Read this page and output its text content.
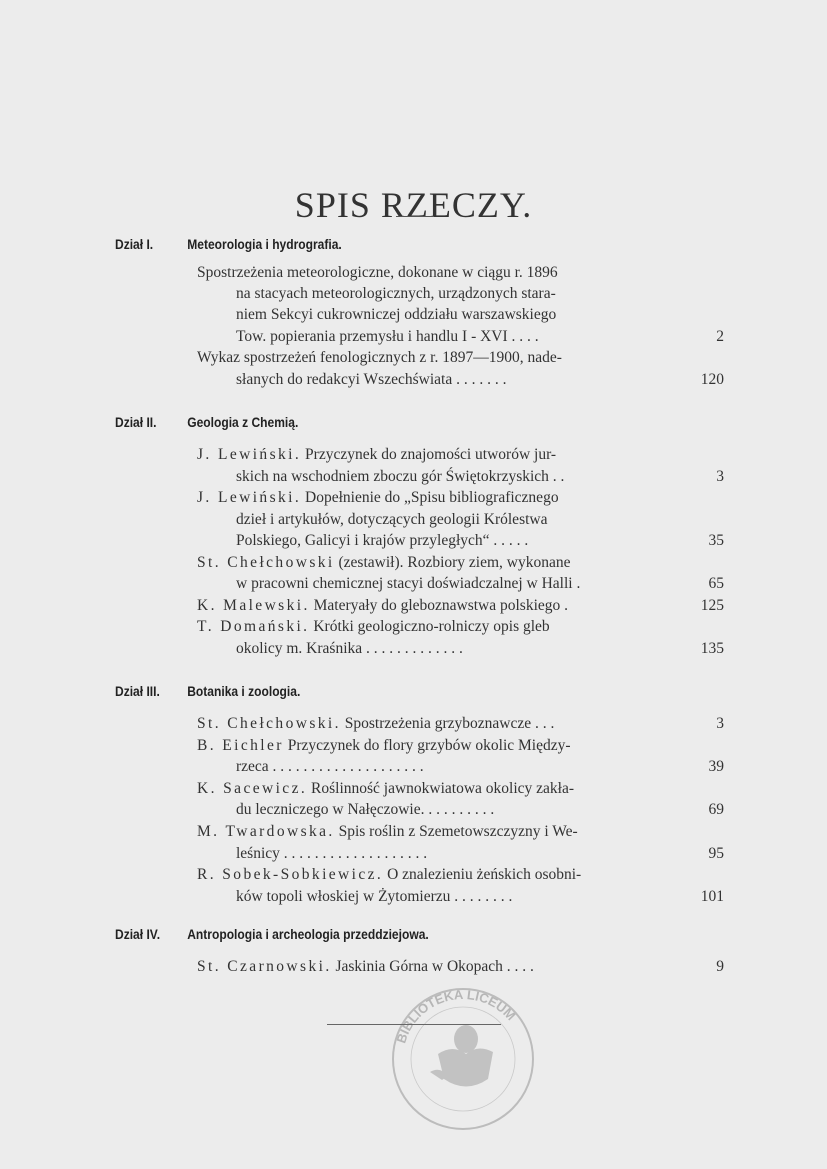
SPIS RZECZY.
Dział I. Meteorologia i hydrografia.
Spostrzeżenia meteorologiczne, dokonane w ciągu r. 1896
na stacyach meteorologicznych, urządzonych stara-
niem Sekcyi cukrowniczej oddziału warszawskiego
Tow. popierania przemysłu i handlu I - XVI . . . .	2
Wykaz spostrzeżeń fenologicznych z r. 1897—1900, nade-
słanych do redakcyi Wszechświata . . . . . . .	120
Dział II. Geologia z Chemią.
J. Lewiński. Przyczynek do znajomości utworów jur-
skich na wschodniem zboczu gór Świętokrzyskich . .	3
J. Lewiński. Dopełnienie do „Spisu bibliograficznego
dzieł i artykułów, dotyczących geologii Królestwa
Polskiego, Galicyi i krajów przyległych“ . . . . .	35
St. Chełchowski (zestawił). Rozbiory ziem, wykonane
w pracowni chemicznej stacyi doświadczalnej w Halli .	65
K. Malewski. Materyały do gleboznawstwa polskiego .	125
T. Domański. Krótki geologiczno-rolniczy opis gleb
okolicy m. Kraśnika . . . . . . . . . . . . .	135
Dział III. Botanika i zoologia.
St. Chełchowski. Spostrzeżenia grzyboznawcze . . .	3
B. Eichler Przyczynek do flory grzybów okolic Między-
rzeca . . . . . . . . . . . . . . . . . . . .	39
K. Sacewicz. Roślinność jawnokwiatowa okolicy zakła-
du leczniczego w Nałęczowie. . . . . . . . . .	69
M. Twardowska. Spis roślin z Szemetowszczyzny i We-
leśnicy . . . . . . . . . . . . . . . . . . .	95
R. Sobek-Sobkiewicz. O znalezieniu żeńskich osobni-
ków topoli włoskiej w Żytomierzu . . . . . . . .	101
Dział IV. Antropologia i archeologia przeddziejowa.
St. Czarnowski. Jaskinia Górna w Okopach . . . .	9
BIBLIOTEKA LICEUM
